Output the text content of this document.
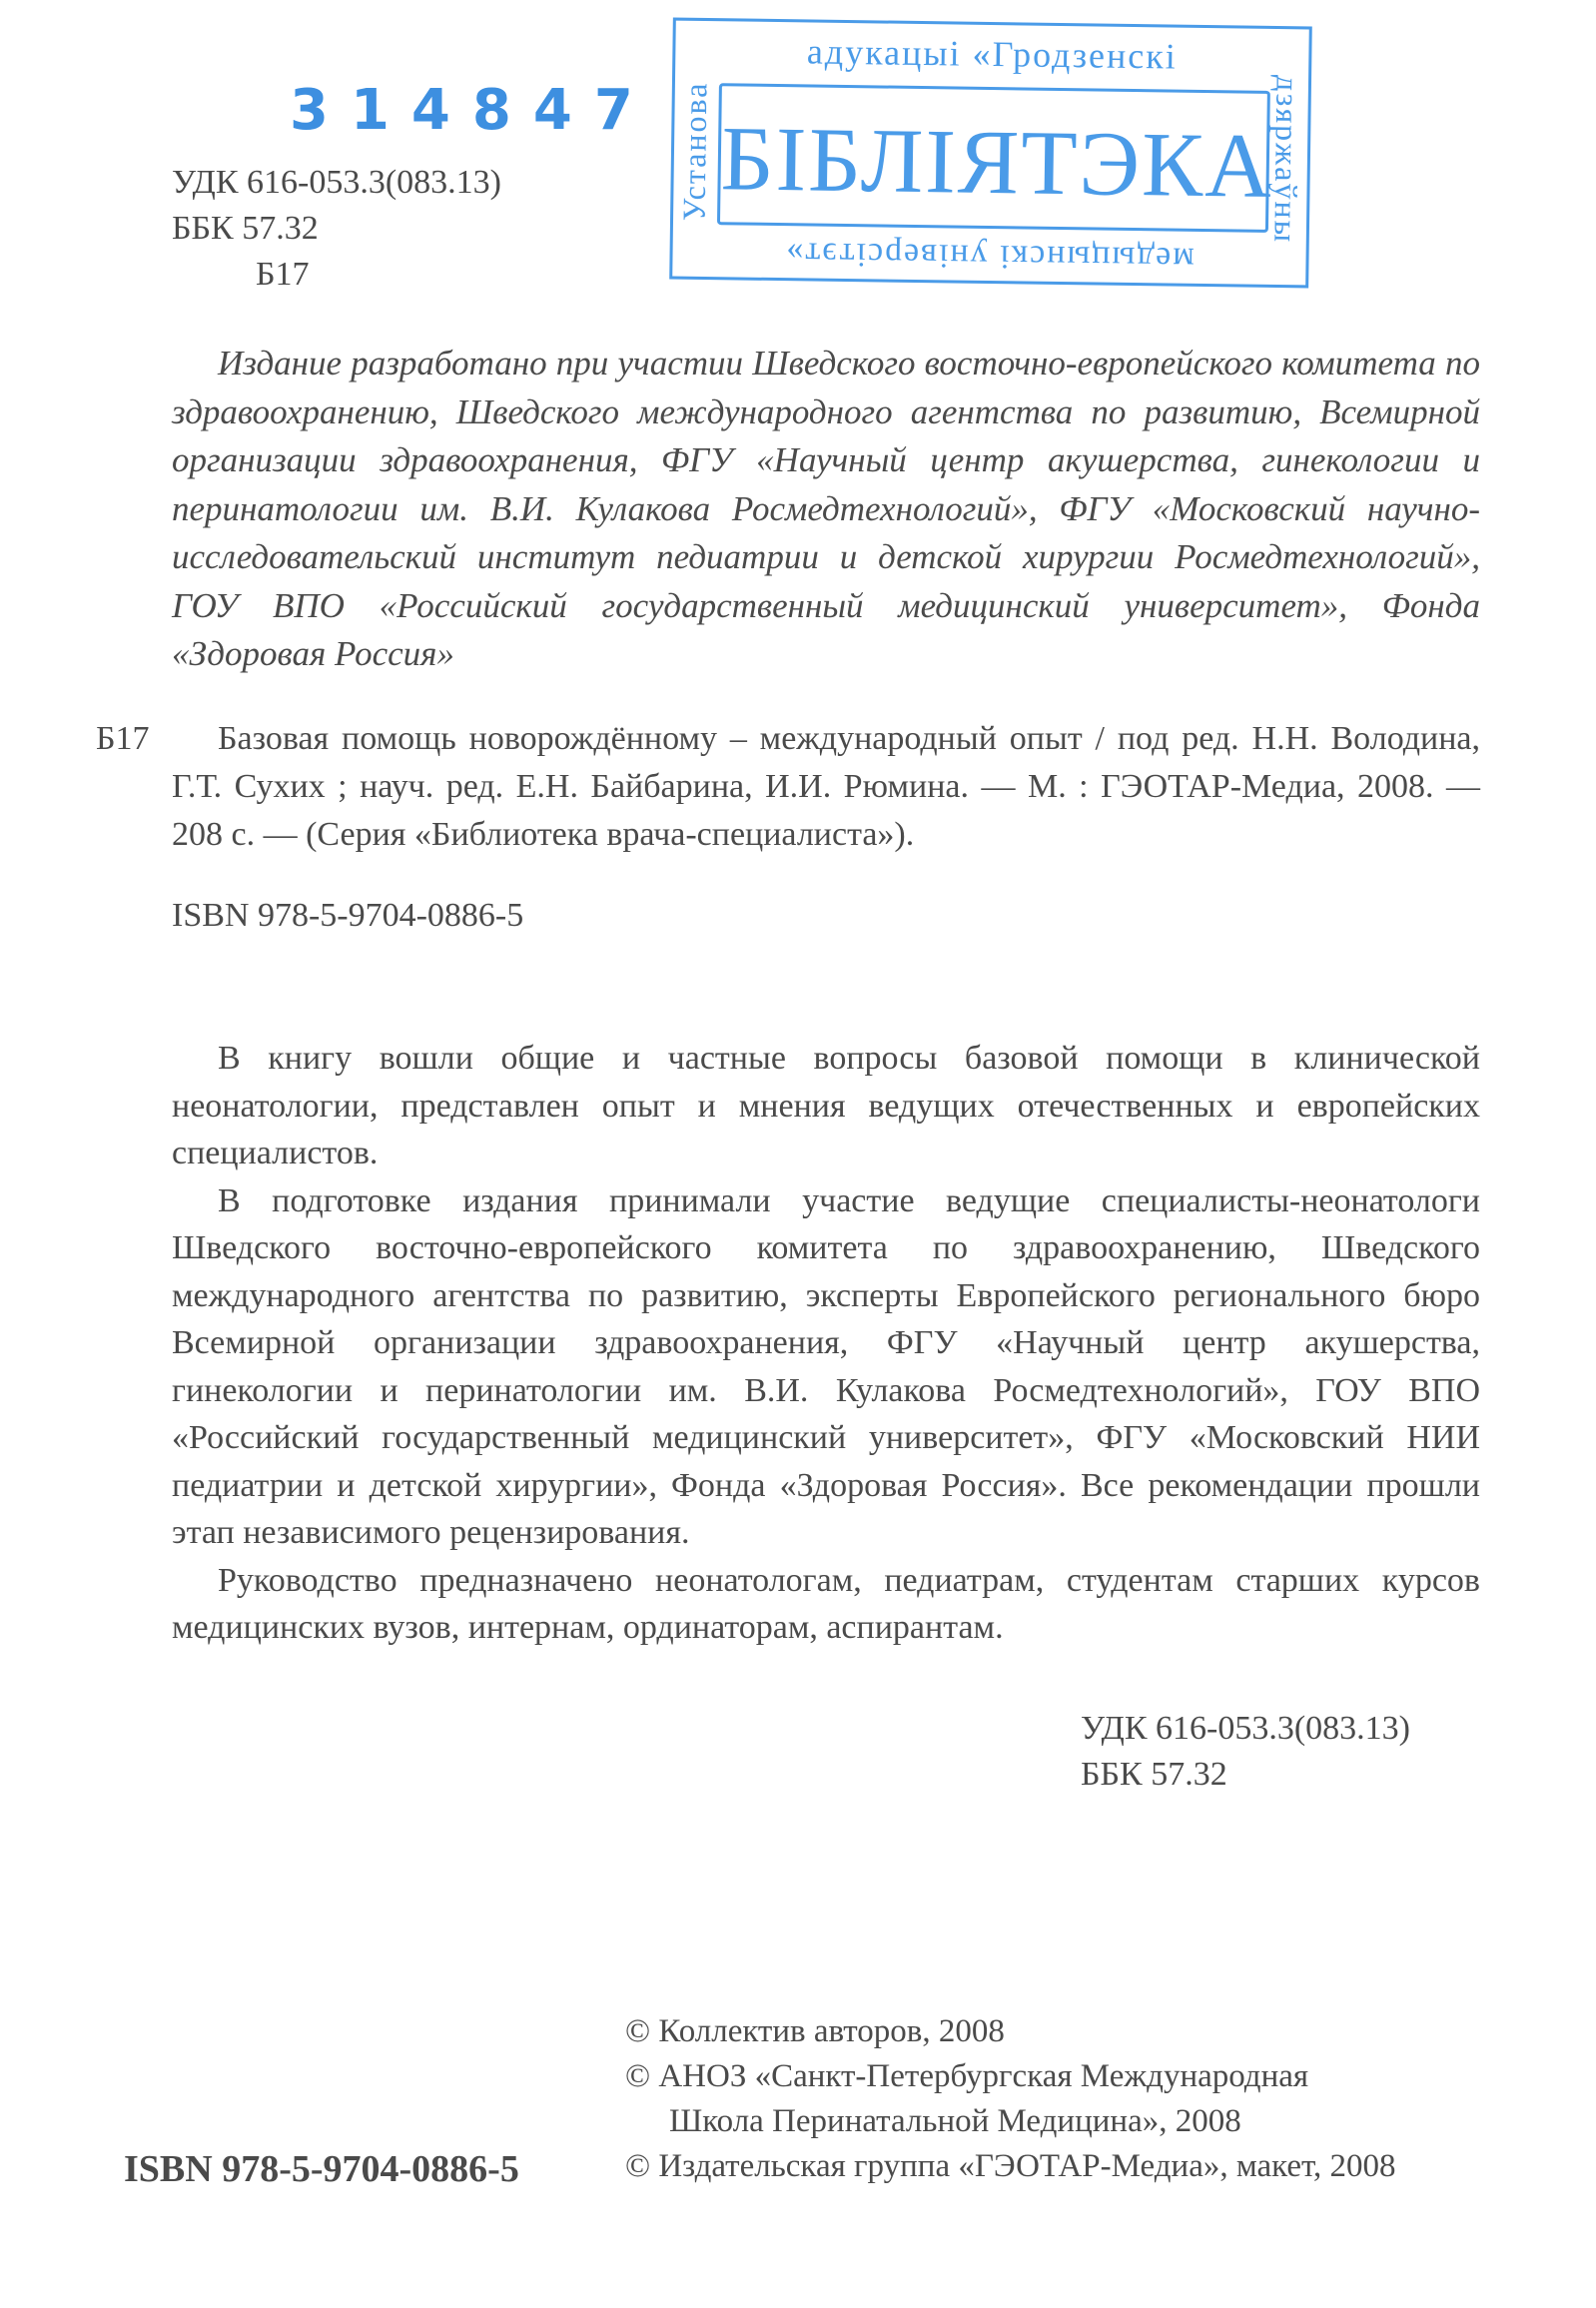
314847
УДК 616-053.3(083.13)
ББК 57.32
Б17
адукацыі «Гродзенскі
Установа	дзяржаўны
БІБЛІЯТЭКА
медыцынскі універсітэт»
Издание разработано при участии Шведского восточно-европейского комитета по здравоохранению, Шведского международного агентства по развитию, Всемирной организации здравоохранения, ФГУ «Научный центр акушерства, гинекологии и перинатологии им. В.И. Кулакова Росмедтехнологий», ФГУ «Московский научно-исследовательский институт педиатрии и детской хирургии Росмедтехнологий», ГОУ ВПО «Российский государственный медицинский университет», Фонда «Здоровая Россия»
Б17	Базовая помощь новорождённому – международный опыт / под ред. Н.Н. Володина, Г.Т. Сухих ; науч. ред. Е.Н. Байбарина, И.И. Рюмина. — М. : ГЭОТАР-Медиа, 2008. — 208 с. — (Серия «Библиотека врача-специалиста»).
ISBN 978-5-9704-0886-5

В книгу вошли общие и частные вопросы базовой помощи в клинической неонатологии, представлен опыт и мнения ведущих отечественных и европейских специалистов.

В подготовке издания принимали участие ведущие специалисты-неонатологи Шведского восточно-европейского комитета по здравоохранению, Шведского международного агентства по развитию, эксперты Европейского регионального бюро Всемирной организации здравоохранения, ФГУ «Научный центр акушерства, гинекологии и перинатологии им. В.И. Кулакова Росмедтехнологий», ГОУ ВПО «Российский государственный медицинский университет», ФГУ «Московский НИИ педиатрии и детской хирургии», Фонда «Здоровая Россия». Все рекомендации прошли этап независимого рецензирования.

Руководство предназначено неонатологам, педиатрам, студентам старших курсов медицинских вузов, интернам, ординаторам, аспирантам.

УДК 616-053.3(083.13)
ББК 57.32
© Коллектив авторов, 2008
© АНОЗ «Санкт-Петербургская Международная
Школа Перинатальной Медицина», 2008
© Издательская группа «ГЭОТАР-Медиа», макет, 2008
ISBN 978-5-9704-0886-5
